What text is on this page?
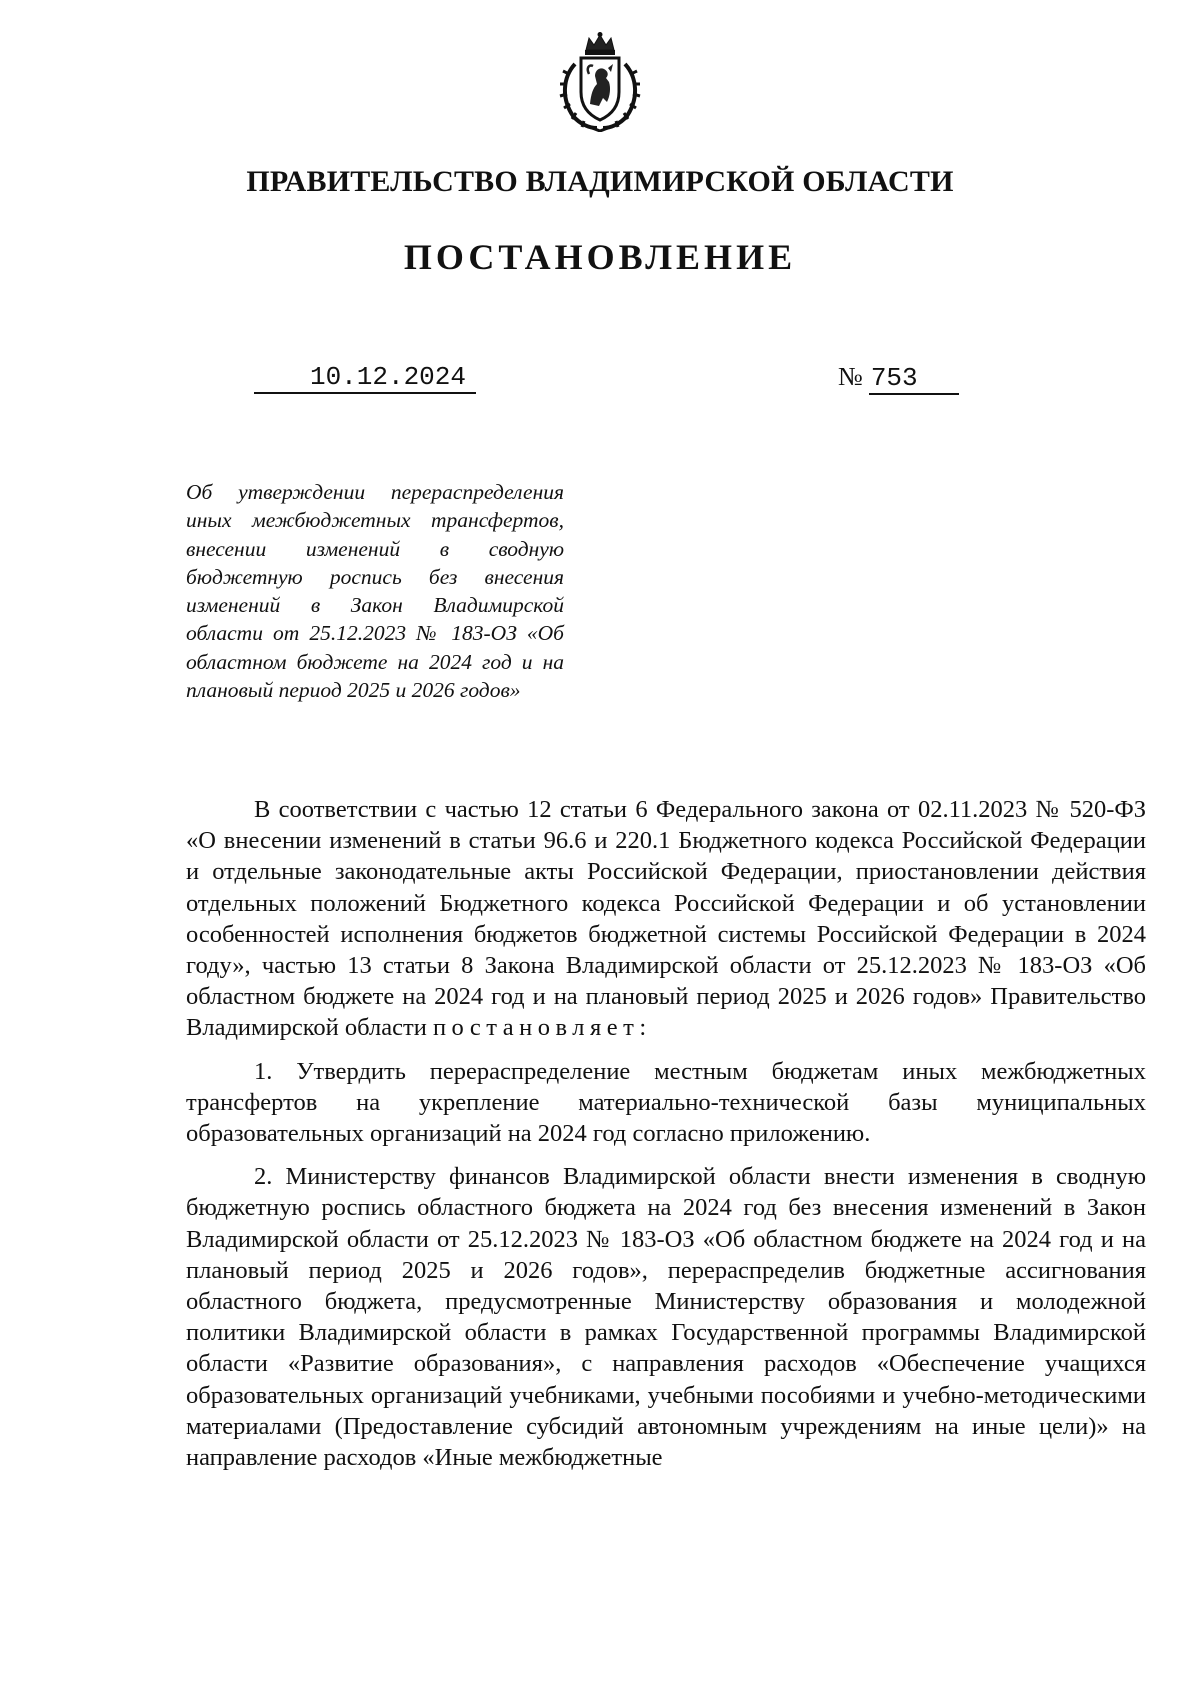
ПРАВИТЕЛЬСТВО ВЛАДИМИРСКОЙ ОБЛАСТИ
ПОСТАНОВЛЕНИЕ
10.12.2024	№ 753
Об утверждении перераспределения иных межбюджетных трансфертов, внесении изменений в сводную бюджетную роспись без внесения изменений в Закон Владимирской области от 25.12.2023 № 183-ОЗ «Об областном бюджете на 2024 год и на плановый период 2025 и 2026 годов»

В соответствии с частью 12 статьи 6 Федерального закона от 02.11.2023 № 520-ФЗ «О внесении изменений в статьи 96.6 и 220.1 Бюджетного кодекса Российской Федерации и отдельные законодательные акты Российской Федерации, приостановлении действия отдельных положений Бюджетного кодекса Российской Федерации и об установлении особенностей исполнения бюджетов бюджетной системы Российской Федерации в 2024 году», частью 13 статьи 8 Закона Владимирской области от 25.12.2023 № 183-ОЗ «Об областном бюджете на 2024 год и на плановый период 2025 и 2026 годов» Правительство Владимирской области постановляет:

1. Утвердить перераспределение местным бюджетам иных межбюджетных трансфертов на укрепление материально-технической базы муниципальных образовательных организаций на 2024 год согласно приложению.

2. Министерству финансов Владимирской области внести изменения в сводную бюджетную роспись областного бюджета на 2024 год без внесения изменений в Закон Владимирской области от 25.12.2023 № 183-ОЗ «Об областном бюджете на 2024 год и на плановый период 2025 и 2026 годов», перераспределив бюджетные ассигнования областного бюджета, предусмотренные Министерству образования и молодежной политики Владимирской области в рамках Государственной программы Владимирской области «Развитие образования», с направления расходов «Обеспечение учащихся образовательных организаций учебниками, учебными пособиями и учебно-методическими материалами (Предоставление субсидий автономным учреждениям на иные цели)» на направление расходов «Иные межбюджетные
